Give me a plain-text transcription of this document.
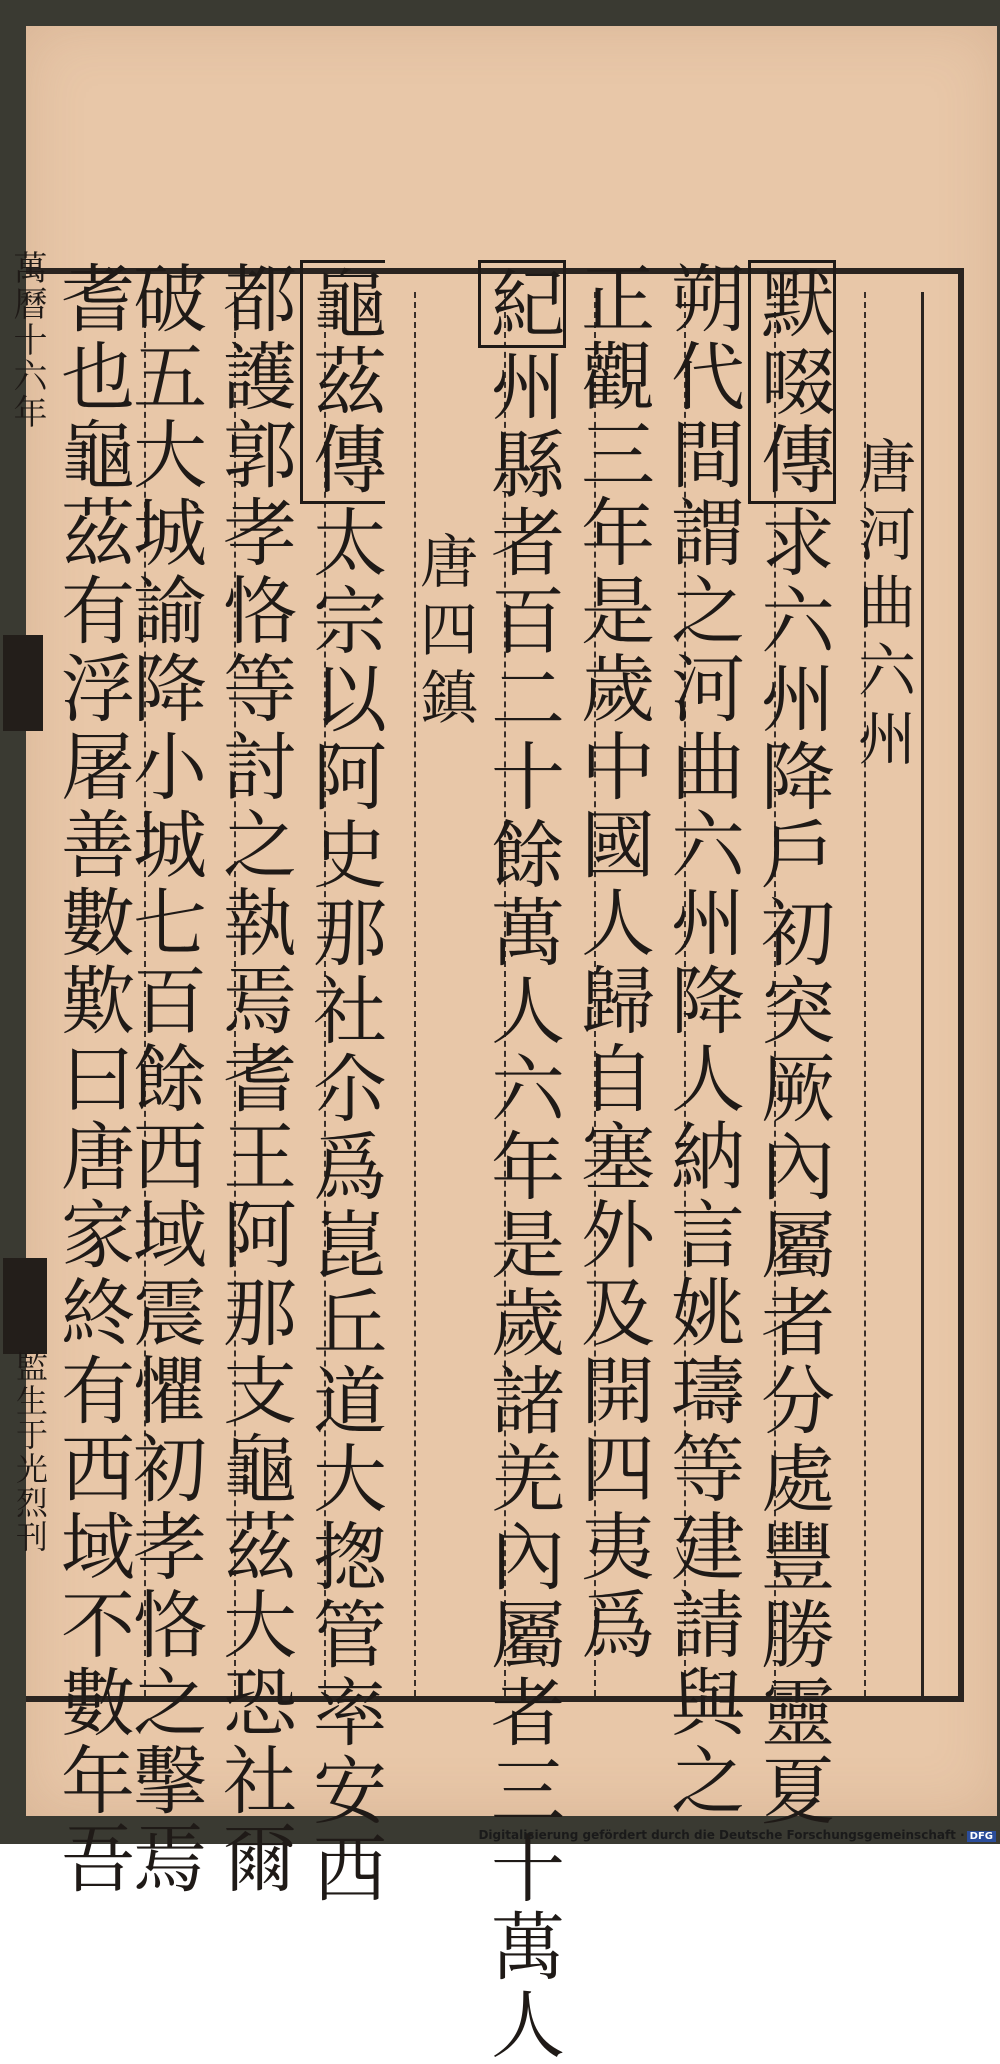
唐河曲六州
默啜傳求六州降戶初突厥內屬者分處豐勝靈夏
朔代間謂之河曲六州降人納言姚璹等建請與之
正觀三年是歲中國人歸自塞外及開四夷爲
紀州縣者百二十餘萬人六年是歲諸羌內屬者三十萬人
唐四鎮
龜茲傳太宗以阿史那社尒爲崑丘道大揔管率安西
都護郭孝恪等討之執焉耆王阿那支龜茲大恐社爾
破五大城諭降小城七百餘西域震懼初孝恪之擊焉
耆也龜茲有浮屠善數歎曰唐家終有西域不數年吾
萬曆十六年
監生于光烈刊
Digitalisierung gefördert durch die Deutsche Forschungsgemeinschaft · DFG
